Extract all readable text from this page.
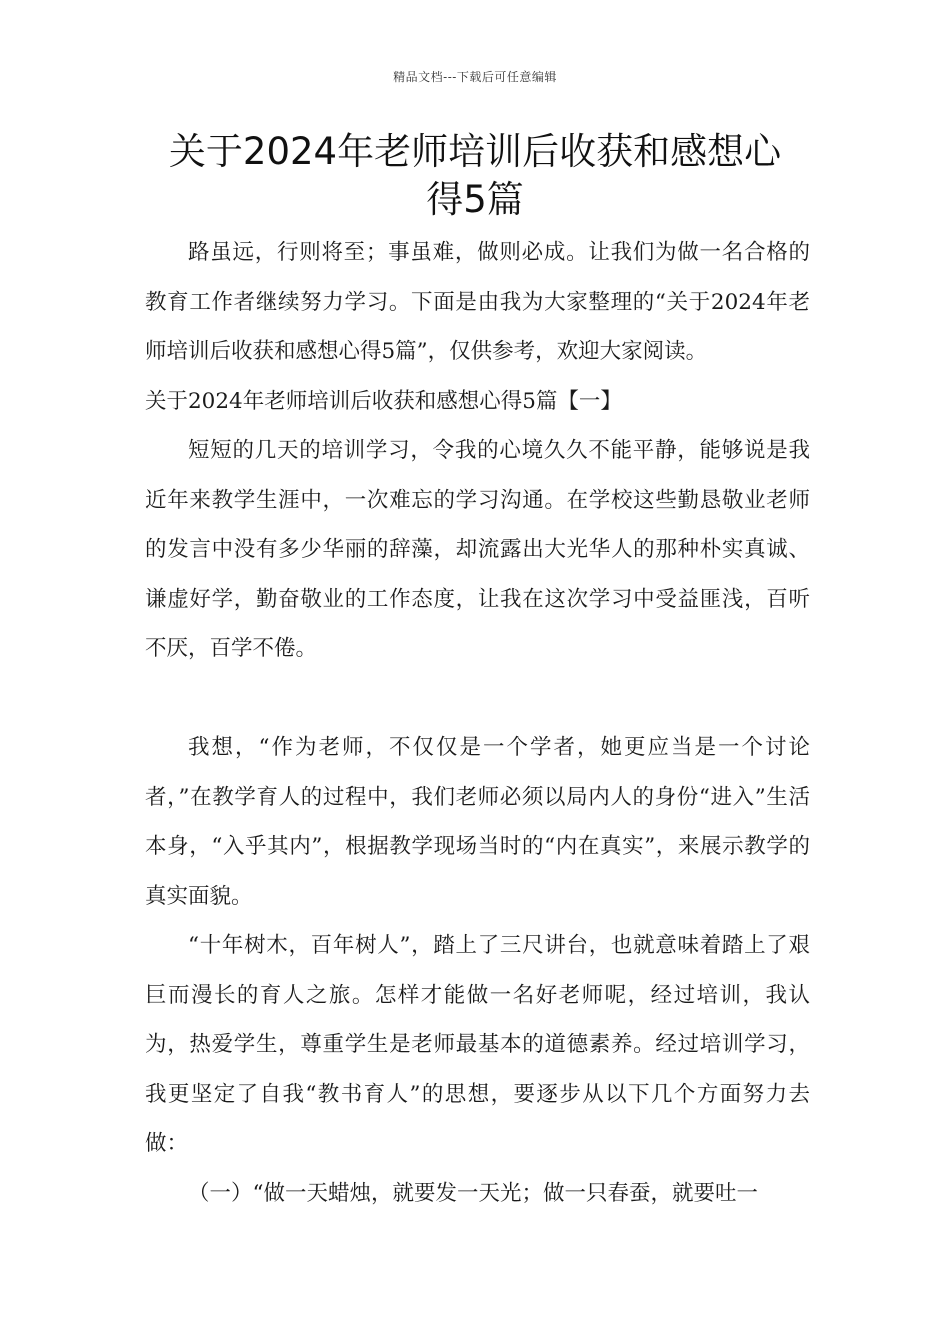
精品文档---下载后可任意编辑
关于2024年老师培训后收获和感想心
得5篇

路虽远，行则将至；事虽难，做则必成。让我们为做一名合格的教育工作者继续努力学习。下面是由我为大家整理的“关于2024年老师培训后收获和感想心得5篇”，仅供参考，欢迎大家阅读。

关于2024年老师培训后收获和感想心得5篇【一】

短短的几天的培训学习，令我的心境久久不能平静，能够说是我近年来教学生涯中，一次难忘的学习沟通。在学校这些勤恳敬业老师的发言中没有多少华丽的辞藻，却流露出大光华人的那种朴实真诚、谦虚好学，勤奋敬业的工作态度，让我在这次学习中受益匪浅，百听不厌，百学不倦。

我想，“作为老师，不仅仅是一个学者，她更应当是一个讨论者，”在教学育人的过程中，我们老师必须以局内人的身份“进入”生活本身，“入乎其内”，根据教学现场当时的“内在真实”，来展示教学的真实面貌。

“十年树木，百年树人”，踏上了三尺讲台，也就意味着踏上了艰巨而漫长的育人之旅。怎样才能做一名好老师呢，经过培训，我认为，热爱学生，尊重学生是老师最基本的道德素养。经过培训学习，我更坚定了自我“教书育人”的思想，要逐步从以下几个方面努力去做：

（一）“做一天蜡烛，就要发一天光；做一只春蚕，就要吐一
